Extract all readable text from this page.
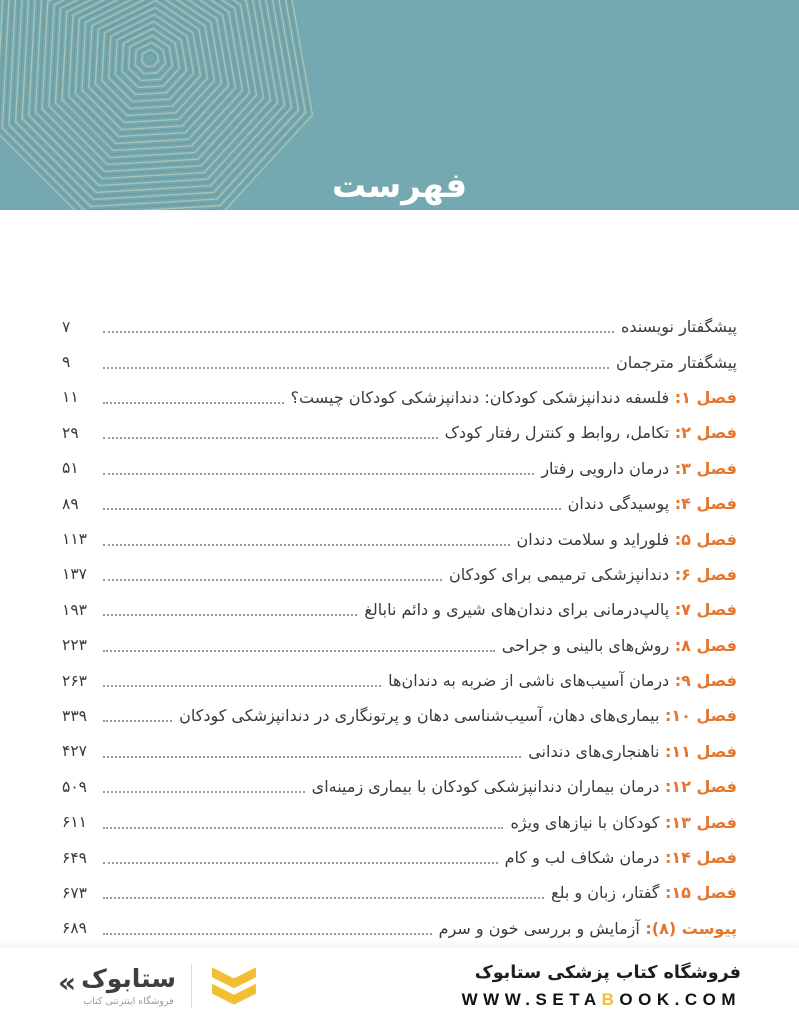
فهرست
پیشگفتار نویسنده
۷
پیشگفتار مترجمان
۹
فصل ۱: فلسفه دندانپزشکی کودکان: دندانپزشکی کودکان چیست؟
۱۱
فصل ۲: تکامل، روابط و کنترل رفتار کودک
۲۹
فصل ۳: درمان دارویی رفتار
۵۱
فصل ۴: پوسیدگی دندان
۸۹
فصل ۵: فلوراید و سلامت دندان
۱۱۳
فصل ۶: دندانپزشکی ترمیمی برای کودکان
۱۳۷
فصل ۷: پالپ‌درمانی برای دندان‌های شیری و دائم نابالغ
۱۹۳
فصل ۸: روش‌های بالینی و جراحی
۲۲۳
فصل ۹: درمان آسیب‌های ناشی از ضربه به دندان‌ها
۲۶۳
فصل ۱۰: بیماری‌های دهان، آسیب‌شناسی دهان و پرتونگاری در دندانپزشکی کودکان
۳۳۹
فصل ۱۱: ناهنجاری‌های دندانی
۴۲۷
فصل ۱۲: درمان بیماران دندانپزشکی کودکان با بیماری زمینه‌ای
۵۰۹
فصل ۱۳: کودکان با نیازهای ویژه
۶۱۱
فصل ۱۴: درمان شکاف لب و کام
۶۴۹
فصل ۱۵: گفتار، زبان و بلع
۶۷۳
پیوست (۸): آزمایش و بررسی خون و سرم
۶۸۹
« ستابوک
فروشگاه اینترنتی کتاب
فروشگاه کتاب پزشکی ستابوک
WWW.SETABOOK.COM
